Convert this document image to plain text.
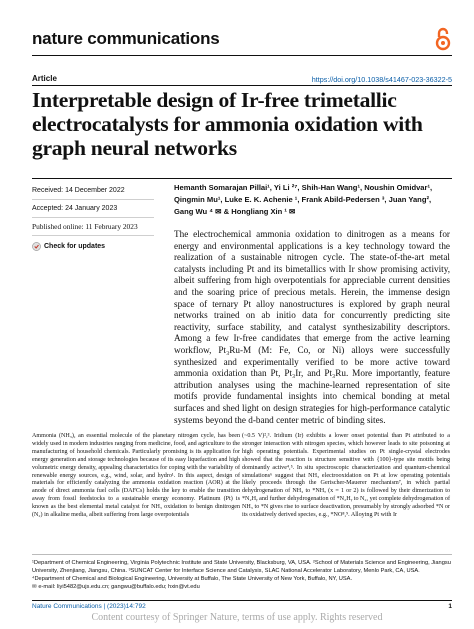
nature communications
Article	https://doi.org/10.1038/s41467-023-36322-5
Interpretable design of Ir-free trimetallic electrocatalysts for ammonia oxidation with graph neural networks
Received: 14 December 2022
Accepted: 24 January 2023
Published online: 11 February 2023
Check for updates
Hemanth Somarajan Pillai¹, Yi Li ²⁷, Shih-Han Wang¹, Noushin Omidvar¹, Qingmin Mu¹, Luke E. K. Achenie ¹, Frank Abild-Pedersen ³, Juan Yang², Gang Wu ⁴ ✉ & Hongliang Xin ¹ ✉

The electrochemical ammonia oxidation to dinitrogen as a means for energy and environmental applications is a key technology toward the realization of a sustainable nitrogen cycle. The state-of-the-art metal catalysts including Pt and its bimetallics with Ir show promising activity, albeit suffering from high overpotentials for appreciable current densities and the soaring price of precious metals. Herein, the immense design space of ternary Pt alloy nanostructures is explored by graph neural networks trained on ab initio data for concurrently predicting site reactivity, surface stability, and catalyst synthesizability descriptors. Among a few Ir-free candidates that emerge from the active learning workflow, Pt₃Ru-M (M: Fe, Co, or Ni) alloys were successfully synthesized and experimentally verified to be more active toward ammonia oxidation than Pt, Pt₃Ir, and Pt₃Ru. More importantly, feature attribution analyses using the machine-learned representation of site motifs provide fundamental insights into chemical bonding at metal surfaces and shed light on design strategies for high-performance catalytic systems beyond the d-band center metric of binding sites.

Ammonia (NH₃), an essential molecule of the planetary nitrogen cycle, has been widely used in modern industries ranging from medicine, food, and agriculture to the manufacturing of household chemicals. Particularly promising is its application for energy generation and storage technologies because of its easy liquefaction and high volumetric energy density, appealing characteristics for coping with the variability of renewable energy sources, e.g., wind, solar, and hydro¹. In this aspect, design of materials for efficiently catalyzing the ammonia oxidation reaction (AOR) at the anode of direct ammonia fuel cells (DAFCs) holds the key to enable the transition away from fossil feedstocks to a sustainable energy economy. Platinum (Pt) is known as the best elemental metal catalyst for NH₃ oxidation to benign dinitrogen (N₂) in alkaline media, albeit suffering from large overpotentials

(~0.5 V)²,³. Iridium (Ir) exhibits a lower onset potential than Pt attributed to a stronger interaction with nitrogen species, which however leads to site poisoning at high operating potentials. Experimental studies on Pt single-crystal electrodes showed that the reaction is structure sensitive with {100}-type site motifs being dominantly active⁴,⁵. In situ spectroscopic characterization and quantum-chemical simulations⁶ suggest that NH₃ electrooxidation on Pt at low operating potentials likely proceeds through the Gerischer-Mauerer mechanism⁷, in which partial dehydrogenation of NH₃ to *NHₓ (x = 1 or 2) is followed by their dimerization to *N₂Hᵧ and further dehydrogenation of *N₂Hᵧ to N₂, yet complete dehydrogenation of NH₃ to *N gives rise to surface deactivation, presumably by strongly adsorbed *N or its oxidatively derived species, e.g., *NO⁸,⁹. Alloying Pt with Ir

¹Department of Chemical Engineering, Virginia Polytechnic Institute and State University, Blacksburg, VA, USA. ²School of Materials Science and Engineering, Jiangsu University, Zhenjiang, Jiangsu, China. ³SUNCAT Center for Interface Science and Catalysis, SLAC National Accelerator Laboratory, Menlo Park, CA, USA. ⁴Department of Chemical and Biological Engineering, University at Buffalo, The State University of New York, Buffalo, NY, USA.
✉ e-mail: liyi5482@ujs.edu.cn; gangwu@buffalo.edu; hxin@vt.edu
Nature Communications | (2023)14:792	1
Content courtesy of Springer Nature, terms of use apply. Rights reserved
